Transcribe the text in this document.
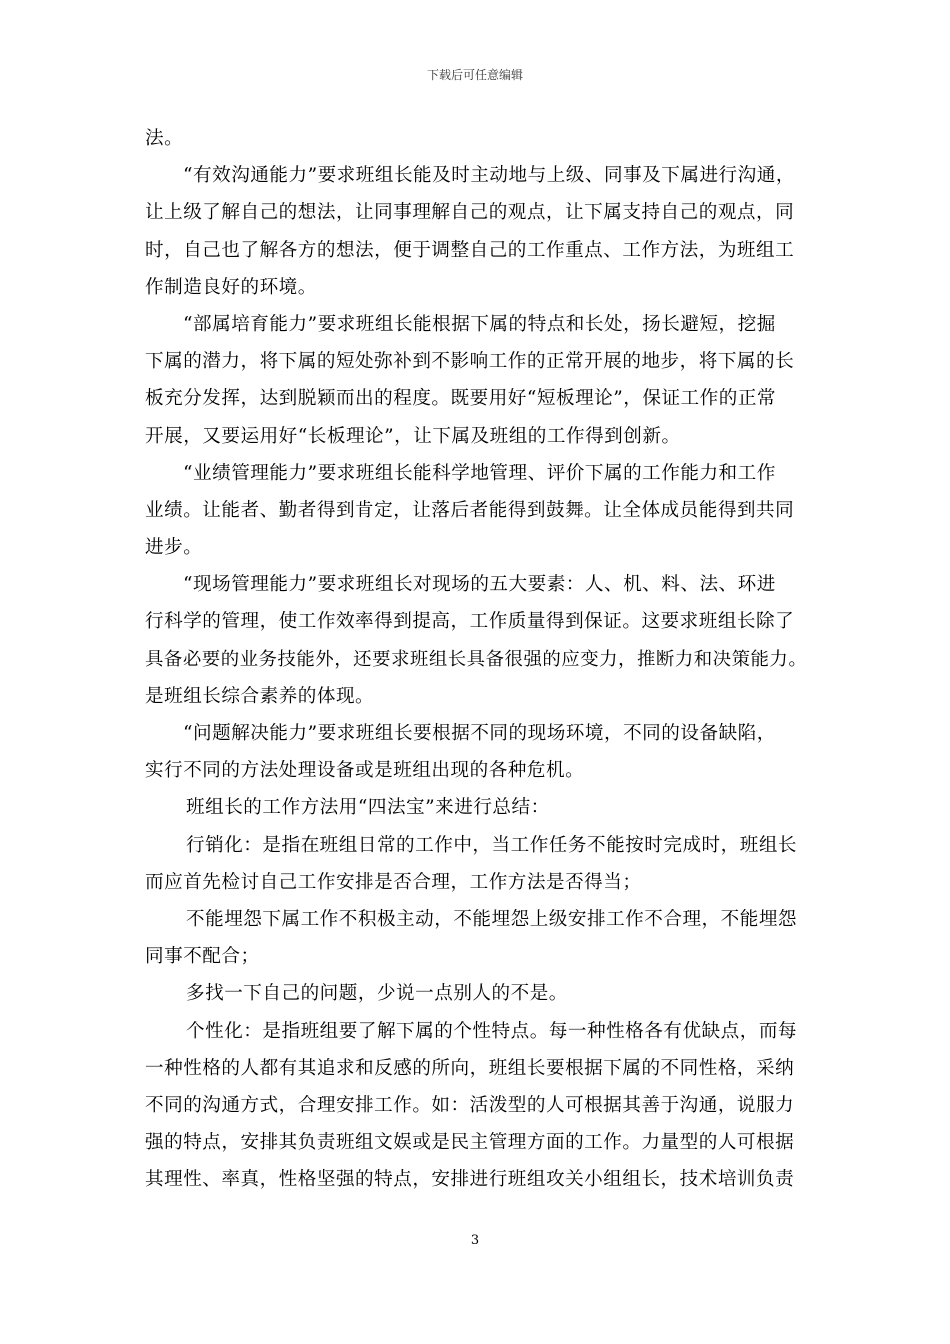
下载后可任意编辑
法。
“有效沟通能力”要求班组长能及时主动地与上级、同事及下属进行沟通，
让上级了解自己的想法，让同事理解自己的观点，让下属支持自己的观点，同
时，自己也了解各方的想法，便于调整自己的工作重点、工作方法，为班组工
作制造良好的环境。
“部属培育能力”要求班组长能根据下属的特点和长处，扬长避短，挖掘
下属的潜力，将下属的短处弥补到不影响工作的正常开展的地步，将下属的长
板充分发挥，达到脱颖而出的程度。既要用好“短板理论”，保证工作的正常
开展，又要运用好“长板理论”，让下属及班组的工作得到创新。
“业绩管理能力”要求班组长能科学地管理、评价下属的工作能力和工作
业绩。让能者、勤者得到肯定，让落后者能得到鼓舞。让全体成员能得到共同
进步。
“现场管理能力”要求班组长对现场的五大要素：人、机、料、法、环进
行科学的管理，使工作效率得到提高，工作质量得到保证。这要求班组长除了
具备必要的业务技能外，还要求班组长具备很强的应变力，推断力和决策能力。
是班组长综合素养的体现。
“问题解决能力”要求班组长要根据不同的现场环境，不同的设备缺陷，
实行不同的方法处理设备或是班组出现的各种危机。
班组长的工作方法用“四法宝”来进行总结：
行销化：是指在班组日常的工作中，当工作任务不能按时完成时，班组长
而应首先检讨自己工作安排是否合理，工作方法是否得当；
不能埋怨下属工作不积极主动，不能埋怨上级安排工作不合理，不能埋怨
同事不配合；
多找一下自己的问题，少说一点别人的不是。
个性化：是指班组要了解下属的个性特点。每一种性格各有优缺点，而每
一种性格的人都有其追求和反感的所向，班组长要根据下属的不同性格，采纳
不同的沟通方式，合理安排工作。如：活泼型的人可根据其善于沟通，说服力
强的特点，安排其负责班组文娱或是民主管理方面的工作。力量型的人可根据
其理性、率真，性格坚强的特点，安排进行班组攻关小组组长，技术培训负责
3
